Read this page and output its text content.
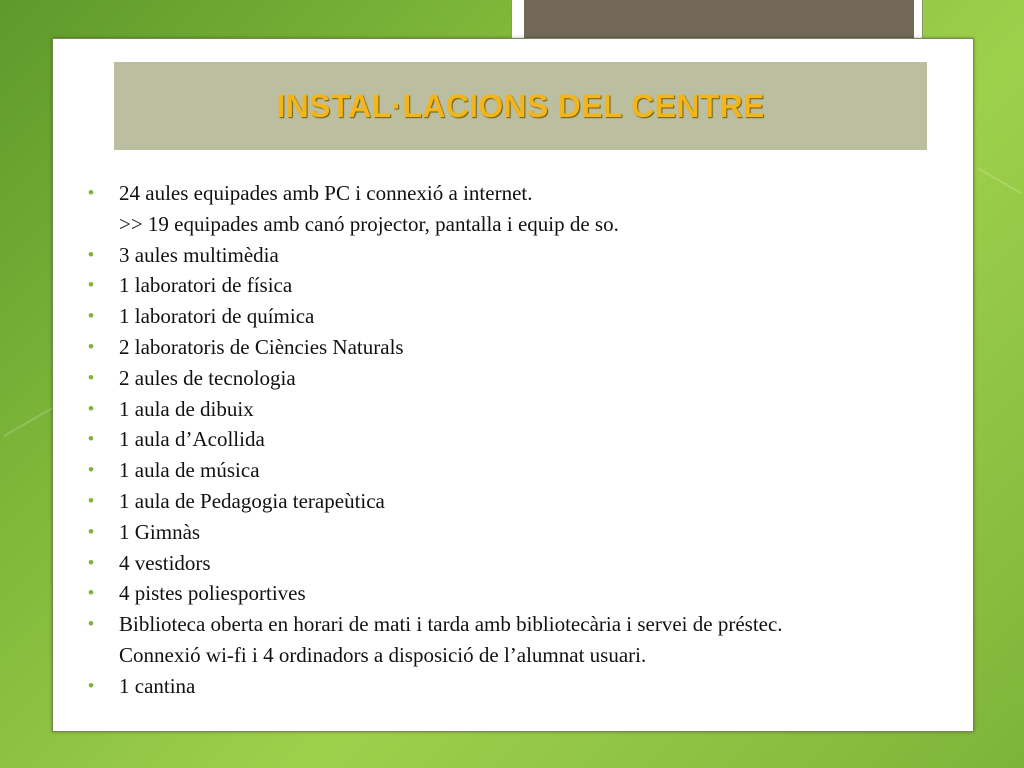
INSTAL·LACIONS DEL CENTRE
• 24 aules equipades amb PC i connexió a internet.
>> 19 equipades amb canó projector, pantalla i equip de so.
• 3 aules multimèdia
• 1 laboratori de física
• 1 laboratori de química
• 2 laboratoris de Ciències Naturals
• 2 aules de tecnologia
• 1 aula de dibuix
• 1 aula d’Acollida
• 1 aula de música
• 1 aula de Pedagogia terapeùtica
• 1 Gimnàs
• 4 vestidors
• 4 pistes poliesportives
• Biblioteca oberta en horari de mati i tarda amb bibliotecària i servei de préstec.
Connexió wi-fi i 4 ordinadors a disposició de l’alumnat usuari.
• 1 cantina
